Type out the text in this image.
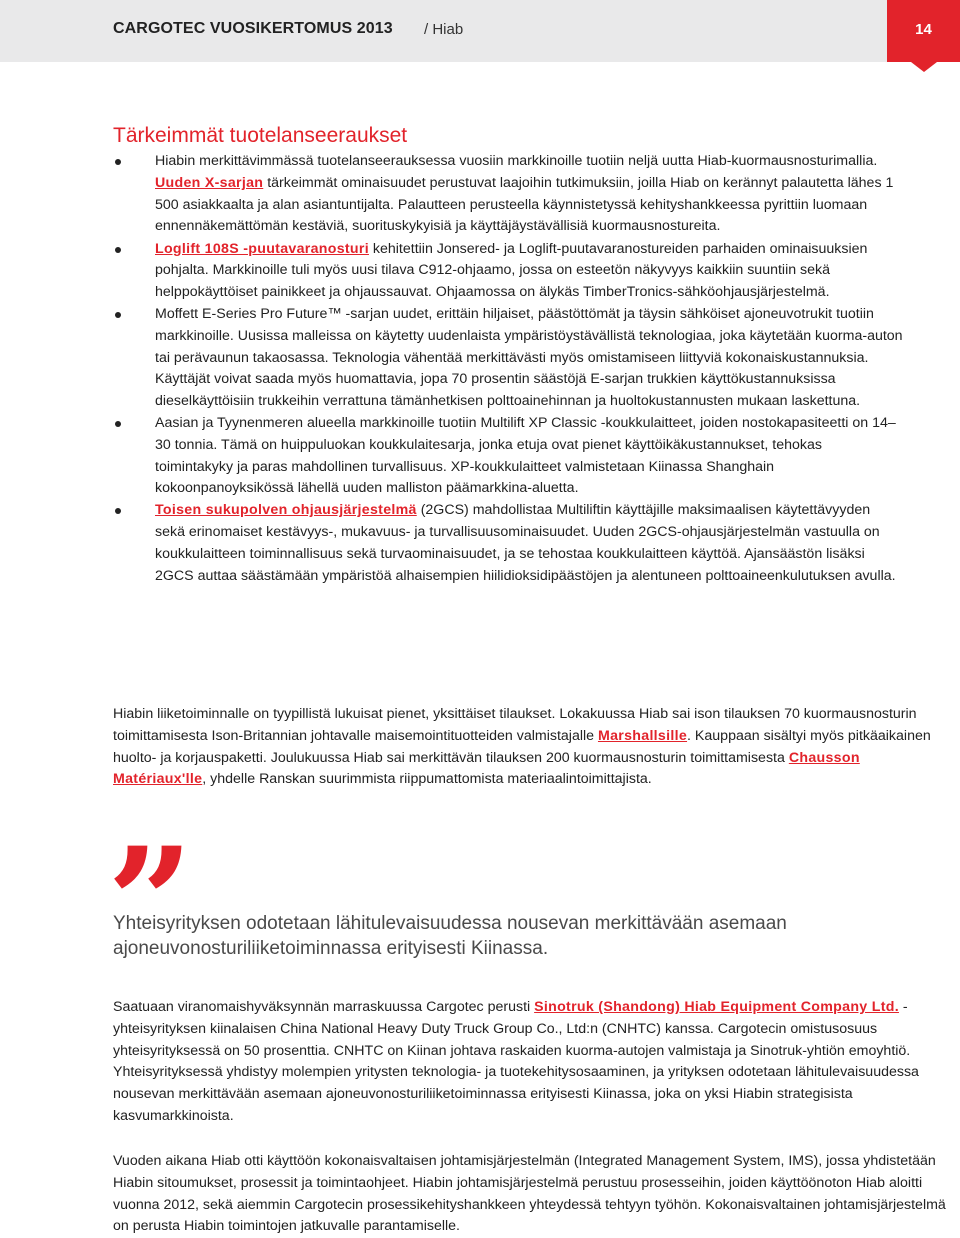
CARGOTEC VUOSIKERTOMUS 2013 / Hiab	14
Tärkeimmät tuotelanseeraukset
Hiabin merkittävimmässä tuotelanseerauksessa vuosiin markkinoille tuotiin neljä uutta Hiab-kuormausnosturimallia. Uuden X-sarjan tärkeimmät ominaisuudet perustuvat laajoihin tutkimuksiin, joilla Hiab on kerännyt palautetta lähes 1 500 asiakkaalta ja alan asiantuntijalta. Palautteen perusteella käynnistetyssä kehityshankkeessa pyrittiin luomaan ennennäkemättömän kestäviä, suorituskykyisiä ja käyttäjäystävällisiä kuormausnostureita.
Loglift 108S -puutavaranosturi kehitettiin Jonsered- ja Loglift-puutavaranostureiden parhaiden ominaisuuksien pohjalta. Markkinoille tuli myös uusi tilava C912-ohjaamo, jossa on esteetön näkyvyys kaikkiin suuntiin sekä helppokäyttöiset painikkeet ja ohjaussauvat. Ohjaamossa on älykäs TimberTronics-sähköohjausjärjestelmä.
Moffett E-Series Pro Future™ -sarjan uudet, erittäin hiljaiset, päästöttömät ja täysin sähköiset ajoneuvotrukit tuotiin markkinoille. Uusissa malleissa on käytetty uudenlaista ympäristöystävällistä teknologiaa, joka käytetään kuorma-auton tai perävaunun takaosassa. Teknologia vähentää merkittävästi myös omistamiseen liittyviä kokonaiskustannuksia. Käyttäjät voivat saada myös huomattavia, jopa 70 prosentin säästöjä E-sarjan trukkien käyttökustannuksissa dieselkäyttöisiin trukkeihin verrattuna tämänhetkisen polttoainehinnan ja huoltokustannusten mukaan laskettuna.
Aasian ja Tyynenmeren alueella markkinoille tuotiin Multilift XP Classic -koukkulaitteet, joiden nostokapasiteetti on 14–30 tonnia. Tämä on huippuluokan koukkulaitesarja, jonka etuja ovat pienet käyttöikäkustannukset, tehokas toimintakyky ja paras mahdollinen turvallisuus. XP-koukkulaitteet valmistetaan Kiinassa Shanghain kokoonpanoyksikössä lähellä uuden malliston päämarkkina-aluetta.
Toisen sukupolven ohjausjärjestelmä (2GCS) mahdollistaa Multiliftin käyttäjille maksimaalisen käytettävyyden sekä erinomaiset kestävyys-, mukavuus- ja turvallisuusominaisuudet. Uuden 2GCS-ohjausjärjestelmän vastuulla on koukkulaitteen toiminnallisuus sekä turvaominaisuudet, ja se tehostaa koukkulaitteen käyttöä. Ajansäästön lisäksi 2GCS auttaa säästämään ympäristöä alhaisempien hiilidioksidipäästöjen ja alentuneen polttoaineenkulutuksen avulla.

Hiabin liiketoiminnalle on tyypillistä lukuisat pienet, yksittäiset tilaukset. Lokakuussa Hiab sai ison tilauksen 70 kuormausnosturin toimittamisesta Ison-Britannian johtavalle maisemointituotteiden valmistajalle Marshallsille. Kauppaan sisältyi myös pitkäaikainen huolto- ja korjauspaketti. Joulukuussa Hiab sai merkittävän tilauksen 200 kuormausnosturin toimittamisesta Chausson Matériaux'lle, yhdelle Ranskan suurimmista riippumattomista materiaalintoimittajista.

”

Yhteisyrityksen odotetaan lähitulevaisuudessa nousevan merkittävään asemaan ajoneuvonosturiliiketoiminnassa erityisesti Kiinassa.

Saatuaan viranomaishyväksynnän marraskuussa Cargotec perusti Sinotruk (Shandong) Hiab Equipment Company Ltd. -yhteisyrityksen kiinalaisen China National Heavy Duty Truck Group Co., Ltd:n (CNHTC) kanssa. Cargotecin omistusosuus yhteisyrityksessä on 50 prosenttia. CNHTC on Kiinan johtava raskaiden kuorma-autojen valmistaja ja Sinotruk-yhtiön emoyhtiö. Yhteisyrityksessä yhdistyy molempien yritysten teknologia- ja tuotekehitysosaaminen, ja yrityksen odotetaan lähitulevaisuudessa nousevan merkittävään asemaan ajoneuvonosturiliiketoiminnassa erityisesti Kiinassa, joka on yksi Hiabin strategisista kasvumarkkinoista.

Vuoden aikana Hiab otti käyttöön kokonaisvaltaisen johtamisjärjestelmän (Integrated Management System, IMS), jossa yhdistetään Hiabin sitoumukset, prosessit ja toimintaohjeet. Hiabin johtamisjärjestelmä perustuu prosesseihin, joiden käyttöönoton Hiab aloitti vuonna 2012, sekä aiemmin Cargotecin prosessikehityshankkeen yhteydessä tehtyyn työhön. Kokonaisvaltainen johtamisjärjestelmä on perusta Hiabin toimintojen jatkuvalle parantamiselle.
